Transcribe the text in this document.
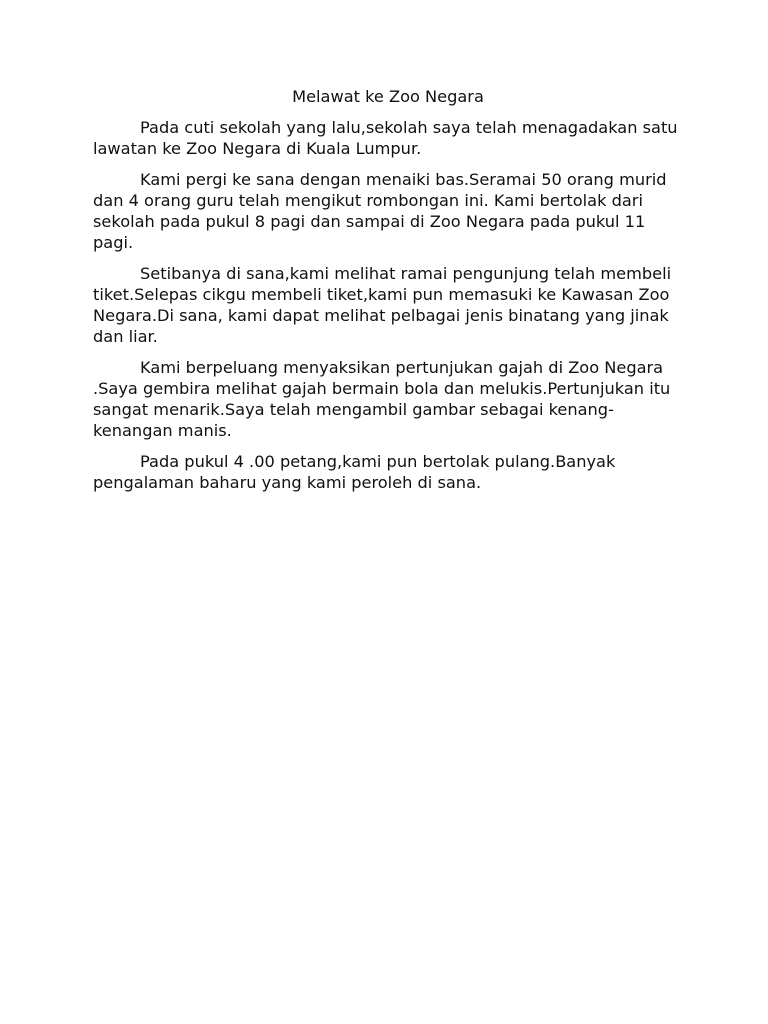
Melawat ke Zoo Negara

Pada cuti sekolah yang lalu,sekolah saya telah menagadakan satu lawatan ke Zoo Negara di Kuala Lumpur.

Kami pergi ke sana dengan menaiki bas.Seramai 50 orang murid dan 4 orang guru telah mengikut rombongan ini. Kami bertolak dari sekolah pada pukul 8 pagi dan sampai di Zoo Negara pada pukul 11 pagi.

Setibanya di sana,kami melihat ramai pengunjung telah membeli tiket.Selepas cikgu membeli tiket,kami pun memasuki ke Kawasan Zoo Negara.Di sana, kami dapat melihat pelbagai jenis binatang yang jinak dan liar.

Kami berpeluang menyaksikan pertunjukan gajah di Zoo Negara .Saya gembira melihat gajah bermain bola dan melukis.Pertunjukan itu sangat menarik.Saya telah mengambil gambar sebagai kenang-kenangan manis.

Pada pukul 4 .00 petang,kami pun bertolak pulang.Banyak pengalaman baharu yang kami peroleh di sana.
